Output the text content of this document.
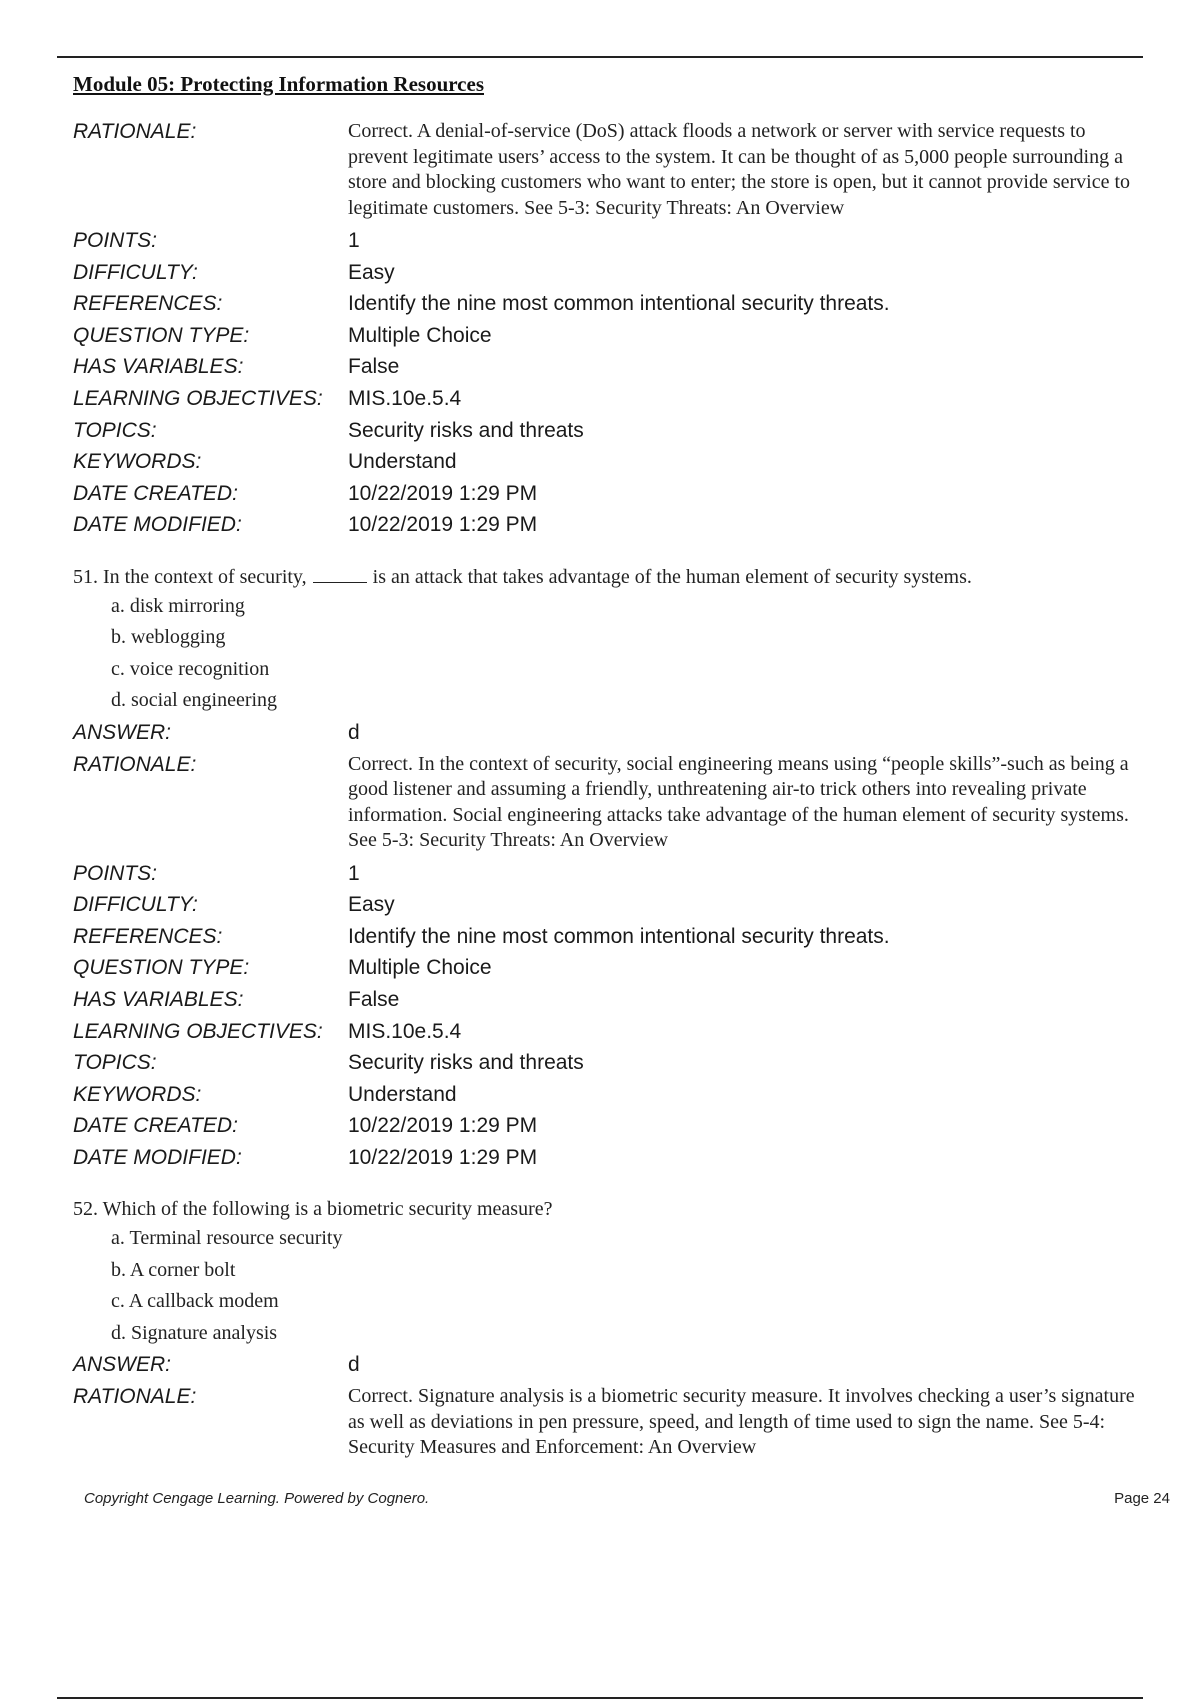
Module 05: Protecting Information Resources
RATIONALE:	Correct. A denial-of-service (DoS) attack floods a network or server with service requests to prevent legitimate users’ access to the system. It can be thought of as 5,000 people surrounding a store and blocking customers who want to enter; the store is open, but it cannot provide service to legitimate customers. See 5-3: Security Threats: An Overview
POINTS:	1
DIFFICULTY:	Easy
REFERENCES:	Identify the nine most common intentional security threats.
QUESTION TYPE:	Multiple Choice
HAS VARIABLES:	False
LEARNING OBJECTIVES:	MIS.10e.5.4
TOPICS:	Security risks and threats
KEYWORDS:	Understand
DATE CREATED:	10/22/2019 1:29 PM
DATE MODIFIED:	10/22/2019 1:29 PM
51. In the context of security,	is an attack that takes advantage of the human element of security systems.
a. disk mirroring
b. weblogging
c. voice recognition
d. social engineering
ANSWER:	d
RATIONALE:	Correct. In the context of security, social engineering means using “people skills”-such as being a good listener and assuming a friendly, unthreatening air-to trick others into revealing private information. Social engineering attacks take advantage of the human element of security systems. See 5-3: Security Threats: An Overview
POINTS:	1
DIFFICULTY:	Easy
REFERENCES:	Identify the nine most common intentional security threats.
QUESTION TYPE:	Multiple Choice
HAS VARIABLES:	False
LEARNING OBJECTIVES:	MIS.10e.5.4
TOPICS:	Security risks and threats
KEYWORDS:	Understand
DATE CREATED:	10/22/2019 1:29 PM
DATE MODIFIED:	10/22/2019 1:29 PM
52. Which of the following is a biometric security measure?
a. Terminal resource security
b. A corner bolt
c. A callback modem
d. Signature analysis
ANSWER:	d
RATIONALE:	Correct. Signature analysis is a biometric security measure. It involves checking a user’s signature as well as deviations in pen pressure, speed, and length of time used to sign the name. See 5-4: Security Measures and Enforcement: An Overview
Copyright Cengage Learning. Powered by Cognero.	Page 24
